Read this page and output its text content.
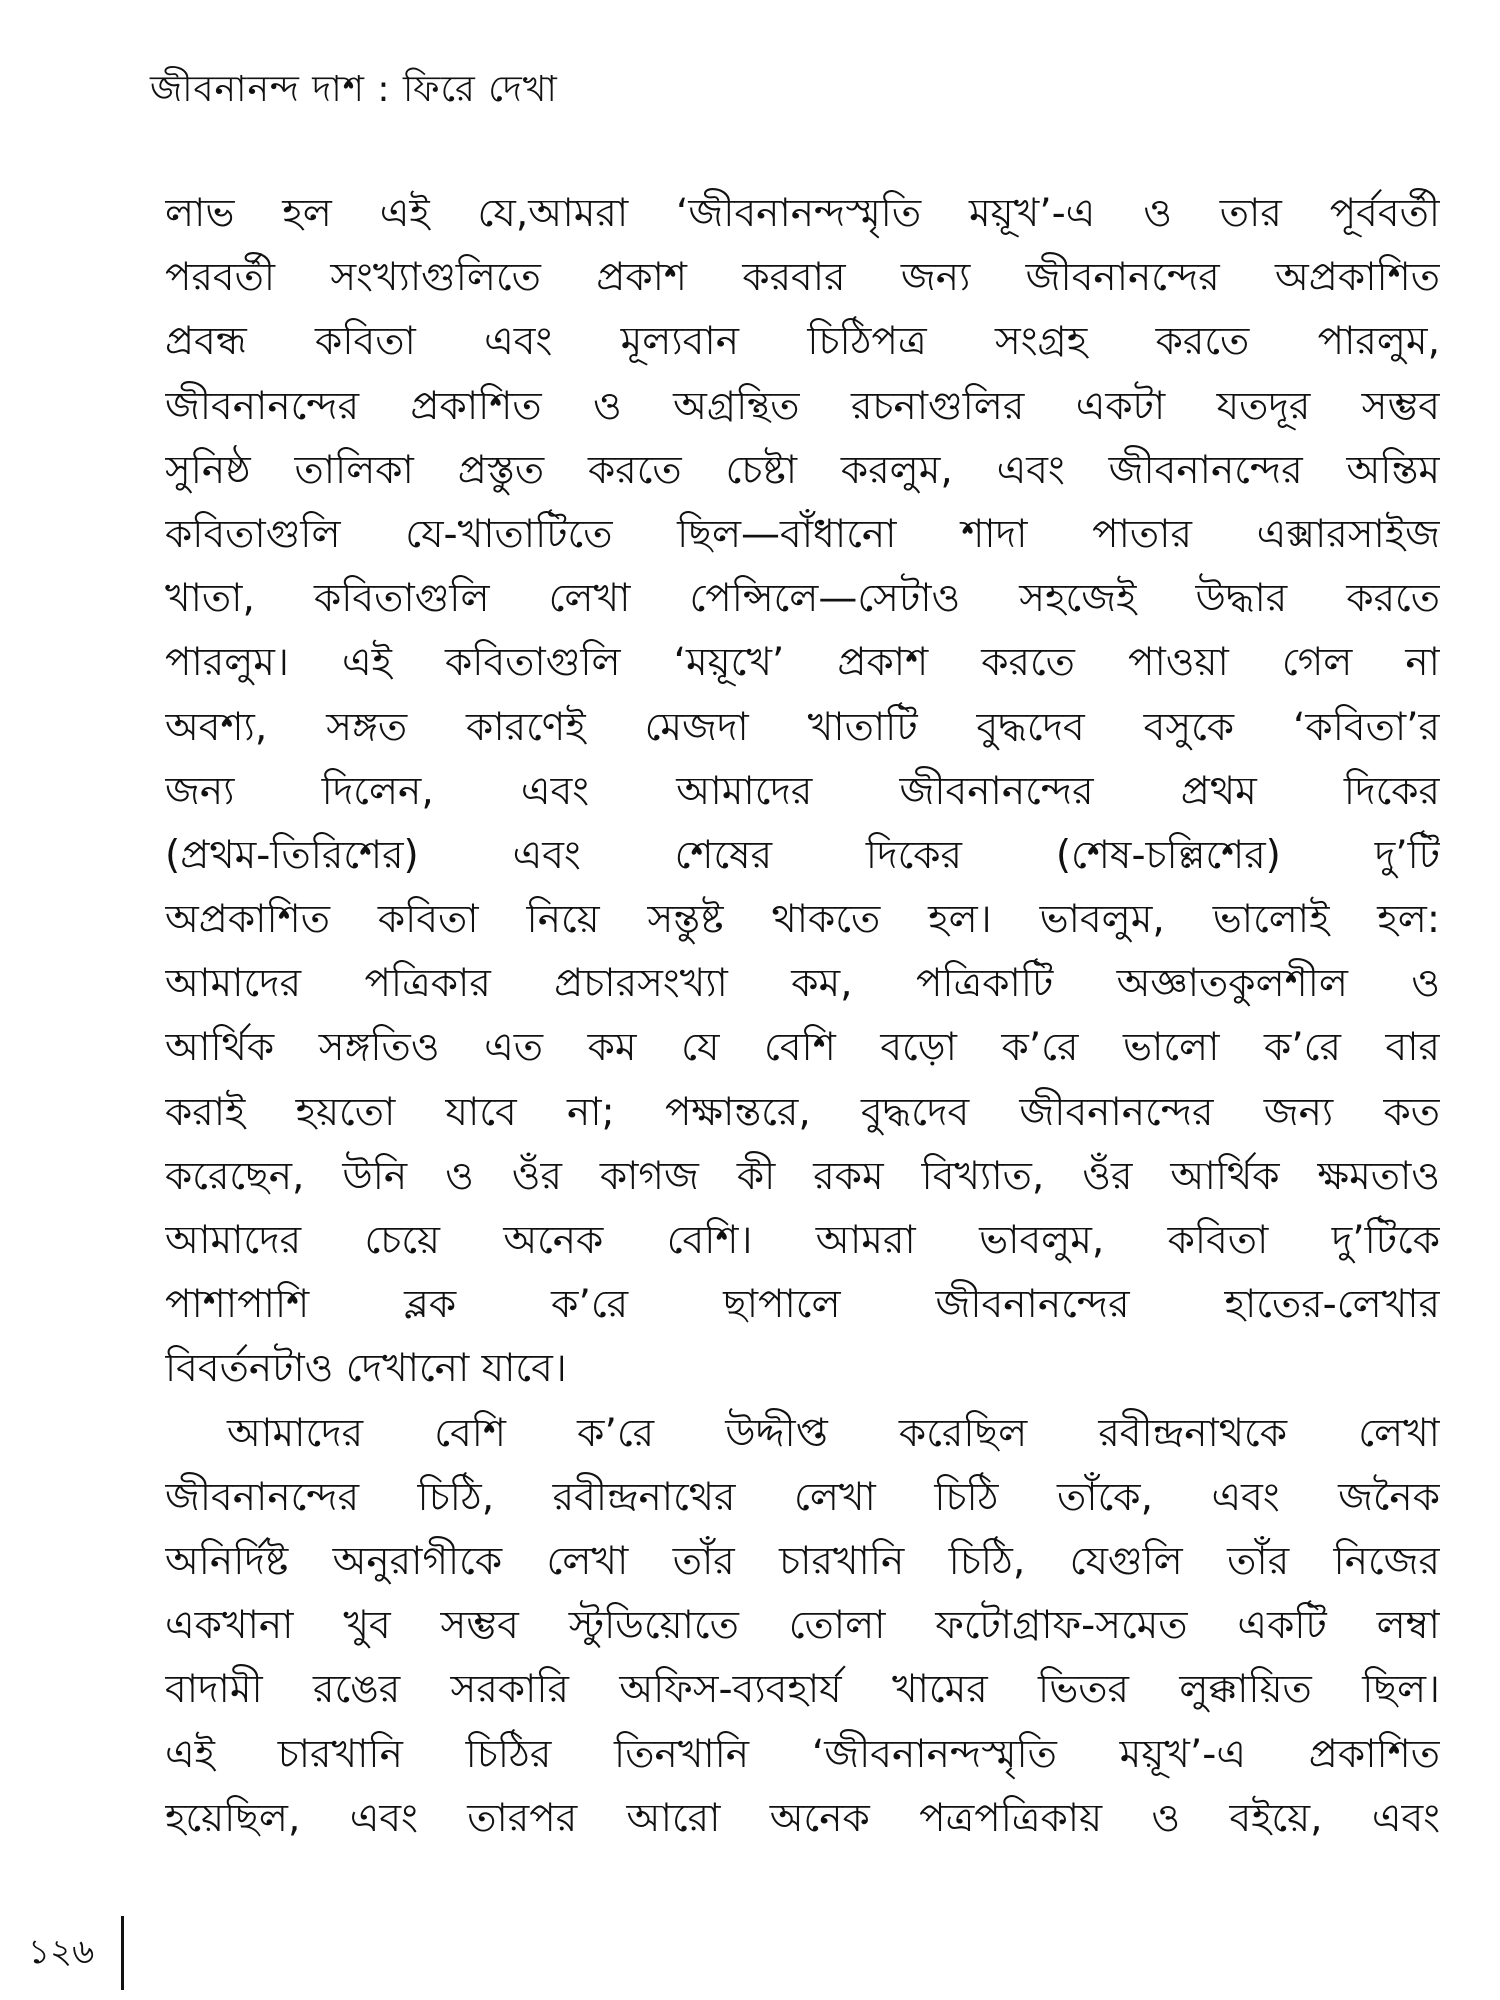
জীবনানন্দ দাশ : ফিরে দেখা
লাভ হল এই যে,আমরা ‘জীবনানন্দস্মৃতি ময়ূখ’-এ ও তার পূর্ববর্তী
পরবর্তী সংখ্যাগুলিতে প্রকাশ করবার জন্য জীবনানন্দের অপ্রকাশিত
প্রবন্ধ কবিতা এবং মূল্যবান চিঠিপত্র সংগ্রহ করতে পারলুম,
জীবনানন্দের প্রকাশিত ও অগ্রন্থিত রচনাগুলির একটা যতদূর সম্ভব
সুনিষ্ঠ তালিকা প্রস্তুত করতে চেষ্টা করলুম, এবং জীবনানন্দের অন্তিম
কবিতাগুলি যে-খাতাটিতে ছিল—বাঁধানো শাদা পাতার এক্সারসাইজ
খাতা, কবিতাগুলি লেখা পেন্সিলে—সেটাও সহজেই উদ্ধার করতে
পারলুম। এই কবিতাগুলি ‘ময়ূখে’ প্রকাশ করতে পাওয়া গেল না
অবশ্য, সঙ্গত কারণেই মেজদা খাতাটি বুদ্ধদেব বসুকে ‘কবিতা’র
জন্য দিলেন, এবং আমাদের জীবনানন্দের প্রথম দিকের
(প্রথম-তিরিশের) এবং শেষের দিকের (শেষ-চল্লিশের) দু’টি
অপ্রকাশিত কবিতা নিয়ে সন্তুষ্ট থাকতে হল। ভাবলুম, ভালোই হল:
আমাদের পত্রিকার প্রচারসংখ্যা কম, পত্রিকাটি অজ্ঞাতকুলশীল ও
আর্থিক সঙ্গতিও এত কম যে বেশি বড়ো ক’রে ভালো ক’রে বার
করাই হয়তো যাবে না; পক্ষান্তরে, বুদ্ধদেব জীবনানন্দের জন্য কত
করেছেন, উনি ও ওঁর কাগজ কী রকম বিখ্যাত, ওঁর আর্থিক ক্ষমতাও
আমাদের চেয়ে অনেক বেশি। আমরা ভাবলুম, কবিতা দু’টিকে
পাশাপাশি ব্লক ক’রে ছাপালে জীবনানন্দের হাতের-লেখার
বিবর্তনটাও দেখানো যাবে।
আমাদের বেশি ক’রে উদ্দীপ্ত করেছিল রবীন্দ্রনাথকে লেখা
জীবনানন্দের চিঠি, রবীন্দ্রনাথের লেখা চিঠি তাঁকে, এবং জনৈক
অনির্দিষ্ট অনুরাগীকে লেখা তাঁর চারখানি চিঠি, যেগুলি তাঁর নিজের
একখানা খুব সম্ভব স্টুডিয়োতে তোলা ফটোগ্রাফ-সমেত একটি লম্বা
বাদামী রঙের সরকারি অফিস-ব্যবহার্য খামের ভিতর লুক্কায়িত ছিল।
এই চারখানি চিঠির তিনখানি ‘জীবনানন্দস্মৃতি ময়ূখ’-এ প্রকাশিত
হয়েছিল, এবং তারপর আরো অনেক পত্রপত্রিকায় ও বইয়ে, এবং
১২৬
